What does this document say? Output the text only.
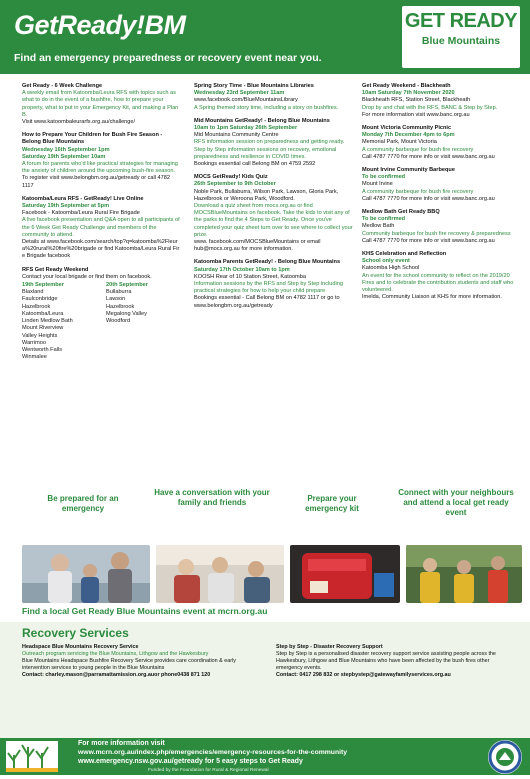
GetReady!BM
Find an emergency preparedness or recovery event near you.
GET READY
Blue Mountains
Get Ready - 6 Week Challenge
A weekly email from Katoomba/Leura RFS with topics such as what to do in the event of a bushfire, how to prepare your property, what to put in your Emergency Kit, and making a Plan B.
Visit www.katoombaleurarfs.org.au/challenge/
How to Prepare Your Children for Bush Fire Season - Belong Blue Mountains
Wednesday 16th September 1pm
Saturday 19th September 10am
A forum for parents who'd like practical strategies for managing the anxiety of children around the upcoming bush-fire season.
To register visit www.belongbm.org.au/getready or call 4782 1117
Katoomba/Leura RFS - GetReady! Live Online
Saturday 19th September at 5pm
Facebook - Katoomba/Leura Rural Fire Brigade
A live facebook presentation and Q&A open to all participants of the 6 Week Get Ready Challenge and members of the community to attend.
Details at www.facebook.com/search/top?q=katoomba%2Fleura%20rural%20fire%20brigade or find Katoomba/Leura Rural Fire Brigade facebook
RFS Get Ready Weekend
Contact your local brigade or find them on facebook.
19th September
Blaxland
Faulconbridge
Hazelbrook
Katoomba/Leura
Linden Medlow Bath
Mount Riverview
Valley Heights
Warrimoo
Wentworth Falls
Winmalee
20th September
Bullaburra
Lawson
Hazelbrook
Megalong Valley
Woodford
Spring Story Time - Blue Mountains Libraries
Wednesday 23rd September 11am
www.facebook.com/BlueMountainsLibrary
A Spring themed story time, including a story on bushfires.
Mid Mountains GetReady! - Belong Blue Mountains
10am to 1pm Saturday 26th September
Mid Mountains Community Centre
RFS information session on preparedness and getting ready. Step by Step information sessions on recovery, emotional preparedness and resilience in COVID times.
Bookings essential call Belong BM on 4759 2592
MOCS GetReady! Kids Quiz
26th September to 9th October
Noble Park, Bullaburra, Wilson Park, Lawson, Gloria Park, Hazelbrook or Weroona Park, Woodford.
Download a quiz sheet from mocs.org.au or find MOCSBlueMountains on facebook. Take the kids to visit any of the parks to find the 4 Steps to Get Ready. Once you've completed your quiz sheet turn over to see where to collect your prize.
www. facebook.com/MOCSBlueMountains or email hub@mocs.org.au for more information.
Katoomba Parents GetReady! - Belong Blue Mountains
Saturday 17th October 10am to 1pm
KOOSH Rear of 10 Station Street, Katoomba
Information sessions by the RFS and Step by Step including practical strategies for how to help your child prepare
Bookings essential - Call Belong BM on 4782 1117 or go to www.belongbm.org.au/getready
Get Ready Weekend - Blackheath
10am Saturday 7th November 2020
Blackheath RFS, Station Street, Blackheath
Drop by and chat with the RFS, BANC & Step by Step.
For more information visit www.banc.org.au
Mount Victoria Community Picnic
Monday 7th December 4pm to 6pm
Memorial Park, Mount Victoria
A community barbeque for bush fire recovery
Call 4787 7770 for more info or visit www.banc.org.au
Mount Irvine Community Barbeque
To be confirmed
Mount Irvine
A community barbeque for bush fire recovery
Call 4787 7770 for more info or visit www.banc.org.au
Medlow Bath Get Ready BBQ
To be confirmed
Medlow Bath
Community barbeque for bush fire recovery & preparedness
Call 4787 7770 for more info or visit www.banc.org.au
KHS Celebration and Reflection
School only event
Katoomba High School
An event for the school community to reflect on the 2019/20 Fires and to celebrate the contribution students and staff who volunteered.
Imelda, Community Liaison at KHS for more information.
Be prepared for an emergency
Have a conversation with your family and friends	Prepare your emergency kit
Connect with your neighbours and attend a local get ready event
Find a local Get Ready Blue Mountains event at mcrn.org.au
Recovery Services
Headspace Blue Mountains Recovery Service
Outreach program servicing the Blue Mountains, Lithgow and the Hawkesbury
Blue Mountains Headspace Bushfire Recovery Service provides care coordination & early intervention services to young people in the Blue Mountains
Contact: charley.mason@parramattamission.org.auor phone0438 871 120
Step by Step - Disaster Recovery Support
Step by Step is a personalised disaster recovery support service assisting people across the Hawkesbury, Lithgow and Blue Mountains who have been affected by the bush fires other emergency events.
Contact: 0417 298 832 or stepbystep@gatewayfamilyservices.org.au
For more information visit
www.mcrn.org.au/index.php/emergencies/emergency-resources-for-the-community
www.emergency.nsw.gov.au/getready for 5 easy steps to Get Ready
Funded by the Foundation for Rural & Regional Renewal
